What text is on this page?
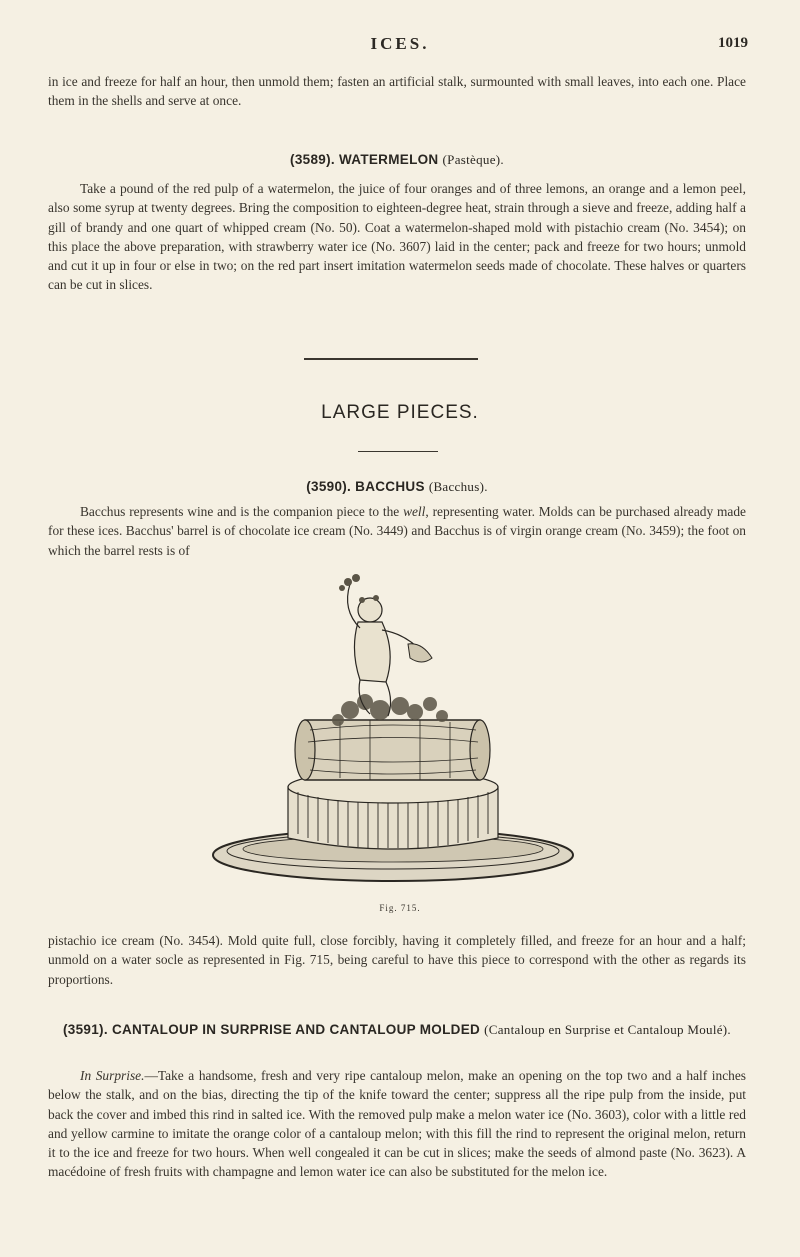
ICES.	1019

in ice and freeze for half an hour, then unmold them; fasten an artificial stalk, surmounted with small leaves, into each one. Place them in the shells and serve at once.

(3589). WATERMELON (Pastèque).

Take a pound of the red pulp of a watermelon, the juice of four oranges and of three lemons, an orange and a lemon peel, also some syrup at twenty degrees. Bring the composition to eighteen-degree heat, strain through a sieve and freeze, adding half a gill of brandy and one quart of whipped cream (No. 50). Coat a watermelon-shaped mold with pistachio cream (No. 3454); on this place the above preparation, with strawberry water ice (No. 3607) laid in the center; pack and freeze for two hours; unmold and cut it up in four or else in two; on the red part insert imitation watermelon seeds made of chocolate. These halves or quarters can be cut in slices.

LARGE PIECES.
(3590). BACCHUS (Bacchus).

Bacchus represents wine and is the companion piece to the well, representing water. Molds can be purchased already made for these ices. Bacchus' barrel is of chocolate ice cream (No. 3449) and Bacchus is of virgin orange cream (No. 3459); the foot on which the barrel rests is of

Fig. 715.

pistachio ice cream (No. 3454). Mold quite full, close forcibly, having it completely filled, and freeze for an hour and a half; unmold on a water socle as represented in Fig. 715, being careful to have this piece to correspond with the other as regards its proportions.

(3591). CANTALOUP IN SURPRISE AND CANTALOUP MOLDED (Cantaloup en Surprise et Cantaloup Moulé).

In Surprise.—Take a handsome, fresh and very ripe cantaloup melon, make an opening on the top two and a half inches below the stalk, and on the bias, directing the tip of the knife toward the center; suppress all the ripe pulp from the inside, put back the cover and imbed this rind in salted ice. With the removed pulp make a melon water ice (No. 3603), color with a little red and yellow carmine to imitate the orange color of a cantaloup melon; with this fill the rind to represent the original melon, return it to the ice and freeze for two hours. When well congealed it can be cut in slices; make the seeds of almond paste (No. 3623). A macédoine of fresh fruits with champagne and lemon water ice can also be substituted for the melon ice.
